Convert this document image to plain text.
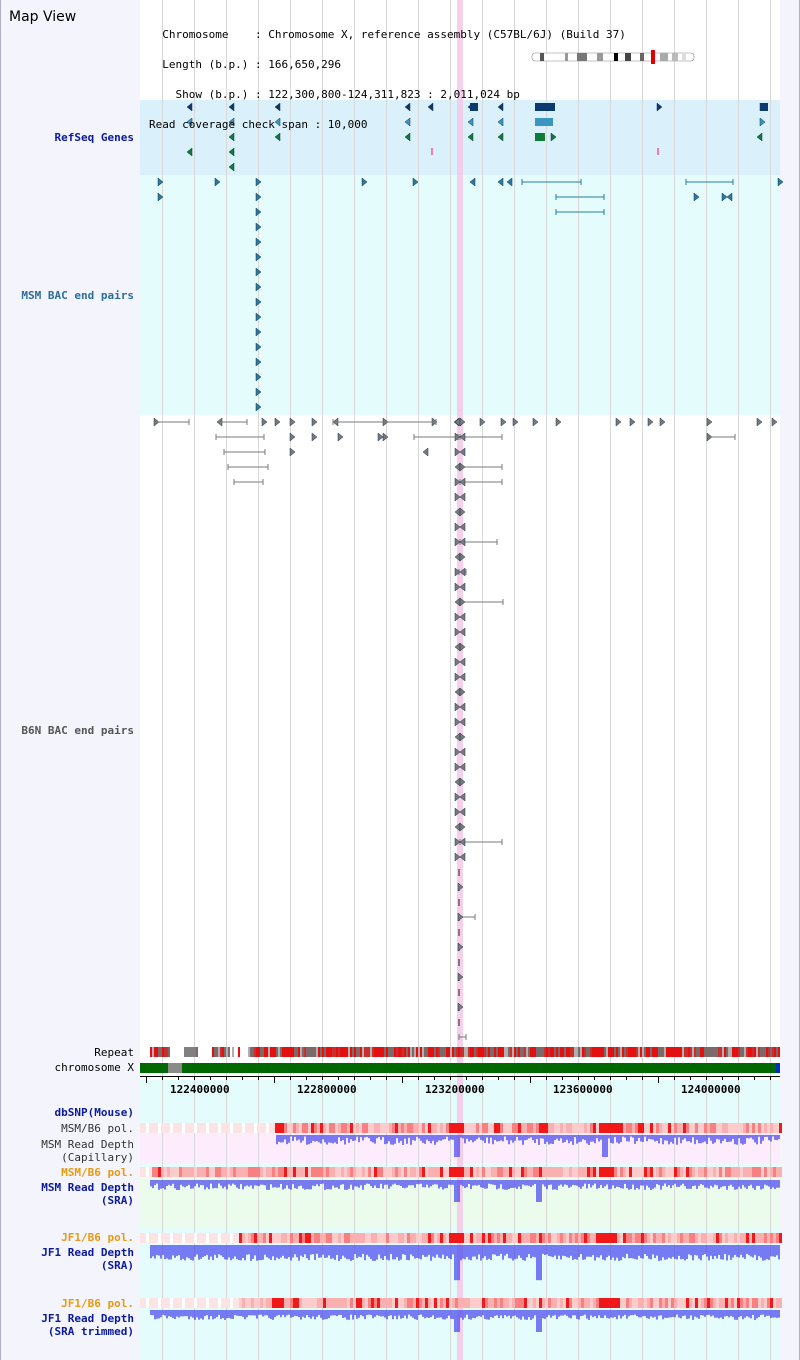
Map View

Chromosome    : Chromosome X, reference assembly (C57BL/6J) (Build 37)

Length (b.p.) : 166,650,296

Show (b.p.) : 122,300,800-124,311,823 : 2,011,024 bp

Read coverage check span : 10,000

RefSeq Genes
MSM BAC end pairs
B6N BAC end pairs
Repeat
chromosome X
122400000	122800000	123200000	123600000	124000000
dbSNP(Mouse)
MSM/B6 pol.
MSM Read Depth
(Capillary)
MSM/B6 pol.
MSM Read Depth
(SRA)
JF1/B6 pol.
JF1 Read Depth
(SRA)
JF1/B6 pol.
JF1 Read Depth
(SRA trimmed)
